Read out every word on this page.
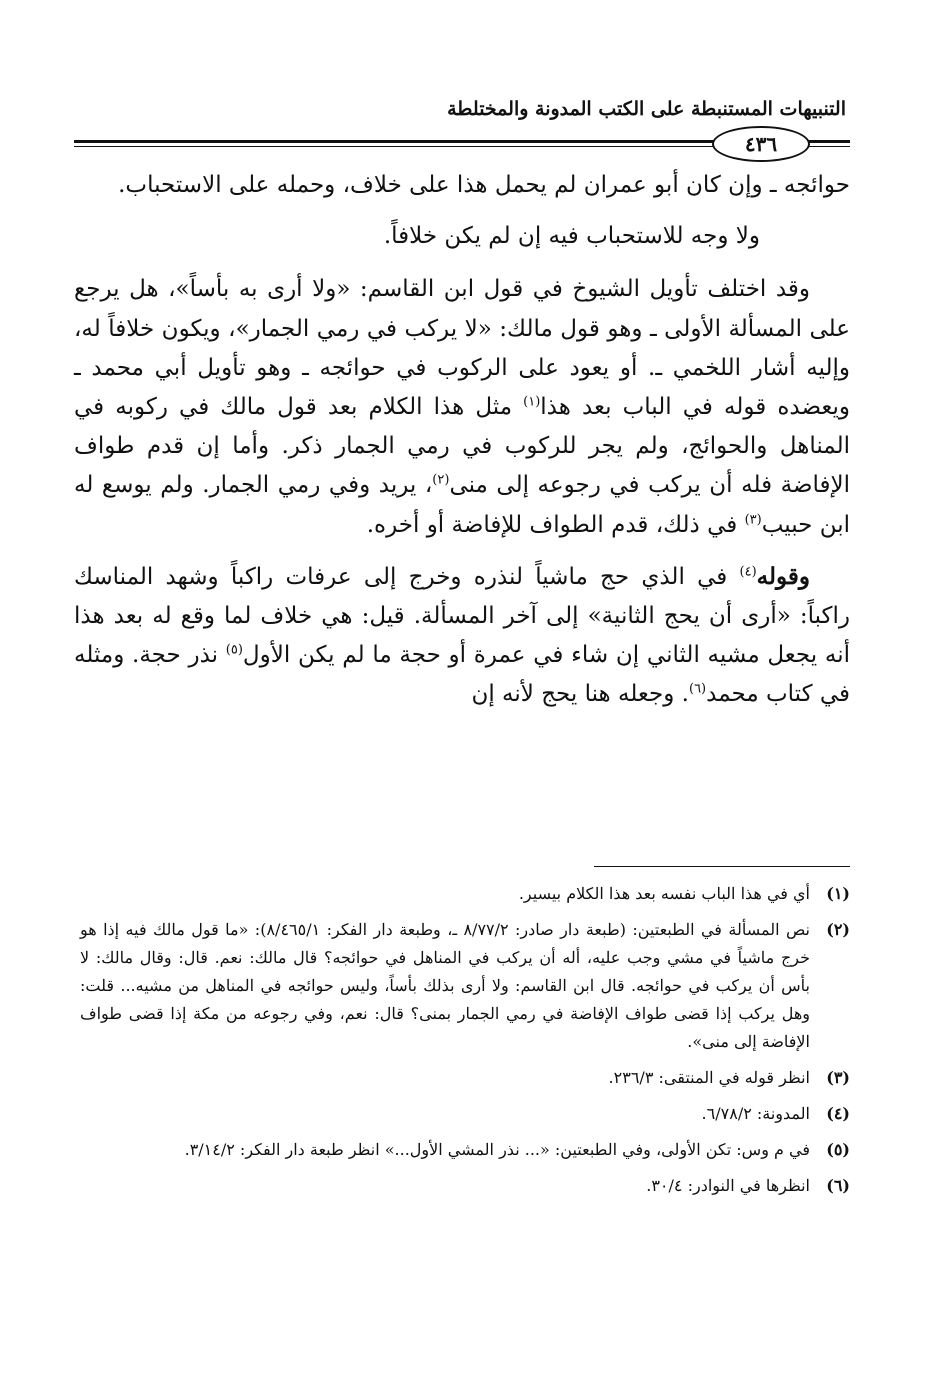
التنبيهات المستنبطة على الكتب المدونة والمختلطة
٤٣٦

حوائجه ـ وإن كان أبو عمران لم يحمل هذا على خلاف، وحمله على الاستحباب.

ولا وجه للاستحباب فيه إن لم يكن خلافاً.

وقد اختلف تأويل الشيوخ في قول ابن القاسم: «ولا أرى به بأساً»، هل يرجع على المسألة الأولى ـ وهو قول مالك: «لا يركب في رمي الجمار»، ويكون خلافاً له، وإليه أشار اللخمي ـ. أو يعود على الركوب في حوائجه ـ وهو تأويل أبي محمد ـ ويعضده قوله في الباب بعد هذا$^{(١)}$ مثل هذا الكلام بعد قول مالك في ركوبه في المناهل والحوائج، ولم يجر للركوب في رمي الجمار ذكر. وأما إن قدم طواف الإفاضة فله أن يركب في رجوعه إلى منى$^{(٢)}$، يريد وفي رمي الجمار. ولم يوسع له ابن حبيب$^{(٣)}$ في ذلك، قدم الطواف للإفاضة أو أخره.

وقوله$^{(٤)}$ في الذي حج ماشياً لنذره وخرج إلى عرفات راكباً وشهد المناسك راكباً: «أرى أن يحج الثانية» إلى آخر المسألة. قيل: هي خلاف لما وقع له بعد هذا أنه يجعل مشيه الثاني إن شاء في عمرة أو حجة ما لم يكن الأول$^{(٥)}$ نذر حجة. ومثله في كتاب محمد$^{(٦)}$. وجعله هنا يحج لأنه إن

(١)
أي في هذا الباب نفسه بعد هذا الكلام بيسير.
(٢)
نص المسألة في الطبعتين: (طبعة دار صادر: ٨/٧٧/٢ ـ، وطبعة دار الفكر: ٨/٤٦٥/١): «ما قول مالك فيه إذا هو خرج ماشياً في مشي وجب عليه، أله أن يركب في المناهل في حوائجه؟ قال مالك: نعم. قال: وقال مالك: لا بأس أن يركب في حوائجه. قال ابن القاسم: ولا أرى بذلك بأساً، وليس حوائجه في المناهل من مشيه... قلت: وهل يركب إذا قضى طواف الإفاضة في رمي الجمار بمنى؟ قال: نعم، وفي رجوعه من مكة إذا قضى طواف الإفاضة إلى منى».
(٣)
انظر قوله في المنتقى: ٢٣٦/٣.
(٤)
المدونة: ٦/٧٨/٢.
(٥)
في م وس: تكن الأولى، وفي الطبعتين: «... نذر المشي الأول...» انظر طبعة دار الفكر: ٣/١٤/٢.
(٦)
انظرها في النوادر: ٣٠/٤.
